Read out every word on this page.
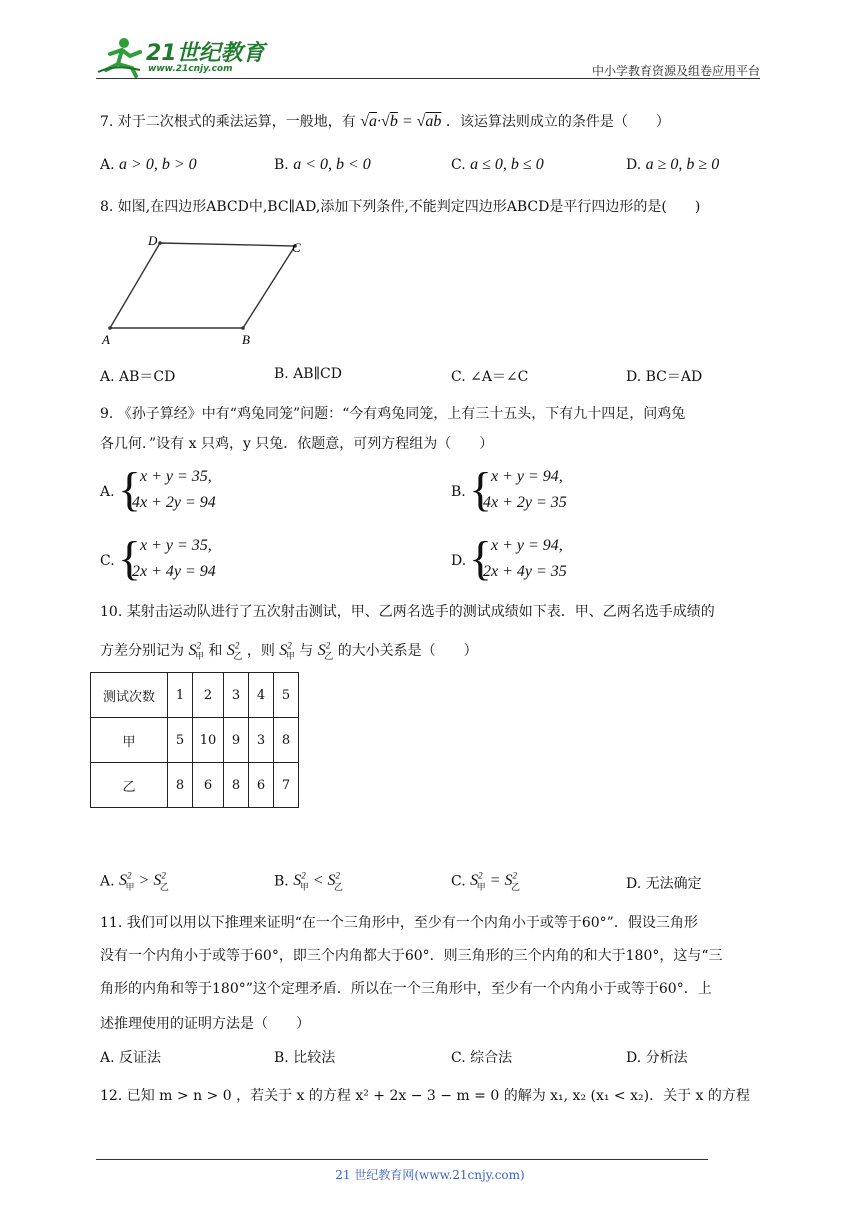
21世纪教育
www.21cnjy.com	中小学教育资源及组卷应用平台
7. 对于二次根式的乘法运算，一般地，有 √a·√b = √ab ．该运算法则成立的条件是（　　）
A. a > 0, b > 0	B. a < 0, b < 0	C. a ≤ 0, b ≤ 0	D. a ≥ 0, b ≥ 0
8. 如图,在四边形ABCD中,BC∥AD,添加下列条件,不能判定四边形ABCD是平行四边形的是(　　)
D	C
A	B
A. AB＝CD	B. AB∥CD	C. ∠A＝∠C	D. BC＝AD
9. 《孙子算经》中有“鸡兔同笼”问题：“今有鸡兔同笼，上有三十五头，下有九十四足，问鸡兔
各几何．”设有 x 只鸡，y 只兔．依题意，可列方程组为（　　）
A. {
x + y = 35,
4x + 2y = 94
B. {
x + y = 94,
4x + 2y = 35
C. {
x + y = 35,
2x + 4y = 94
D. {
x + y = 94,
2x + 4y = 35
10. 某射击运动队进行了五次射击测试，甲、乙两名选手的测试成绩如下表．甲、乙两名选手成绩的
方差分别记为 $S^2_甲$ 和 $S^2_乙$ ，则 $S^2_甲$ 与 $S^2_乙$ 的大小关系是（　　）
测试次数	1	2	3	4	5
甲	5	10	9	3	8
乙	8	6	8	6	7
A. $S^2_甲 > S^2_乙$	B. $S^2_甲 < S^2_乙$	C. $S^2_甲 = S^2_乙$	D. 无法确定
11. 我们可以用以下推理来证明“在一个三角形中，至少有一个内角小于或等于60°”．假设三角形
没有一个内角小于或等于60°，即三个内角都大于60°．则三角形的三个内角的和大于180°，这与“三
角形的内角和等于180°”这个定理矛盾．所以在一个三角形中，至少有一个内角小于或等于60°．上
述推理使用的证明方法是（　　）
A. 反证法	B. 比较法	C. 综合法	D. 分析法
12. 已知 m > n > 0 ，若关于 x 的方程 x² + 2x − 3 − m = 0 的解为 x₁, x₂ (x₁ < x₂)．关于 x 的方程
21 世纪教育网(www.21cnjy.com)
